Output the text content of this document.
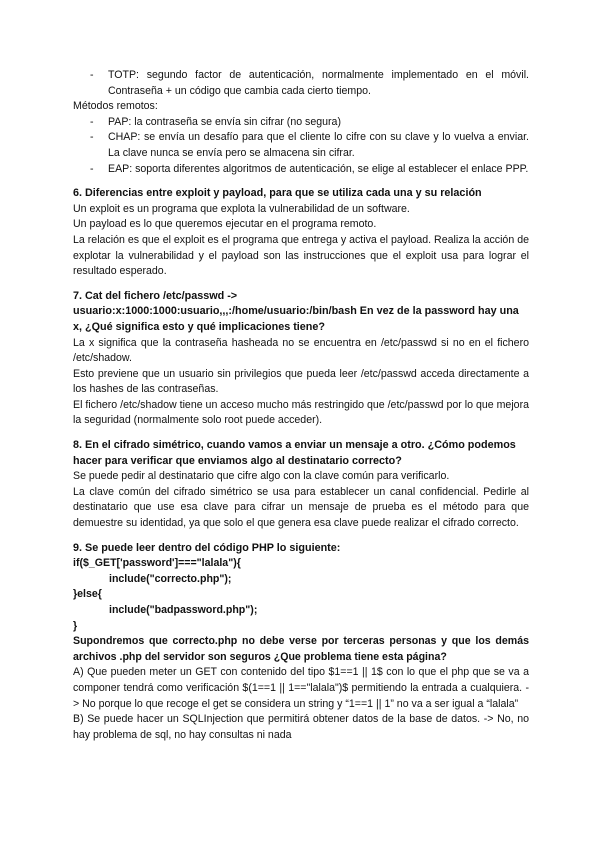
- TOTP: segundo factor de autenticación, normalmente implementado en el móvil. Contraseña + un código que cambia cada cierto tiempo.

Métodos remotos:

- PAP: la contraseña se envía sin cifrar (no segura)
- CHAP: se envía un desafío para que el cliente lo cifre con su clave y lo vuelva a enviar. La clave nunca se envía pero se almacena sin cifrar.
- EAP: soporta diferentes algoritmos de autenticación, se elige al establecer el enlace PPP.
6. Diferencias entre exploit y payload, para que se utiliza cada una y su relación

Un exploit es un programa que explota la vulnerabilidad de un software.

Un payload es lo que queremos ejecutar en el programa remoto.

La relación es que el exploit es el programa que entrega y activa el payload. Realiza la acción de explotar la vulnerabilidad y el payload son las instrucciones que el exploit usa para lograr el resultado esperado.

7. Cat del fichero /etc/passwd ->
usuario:x:1000:1000:usuario,,,:/home/usuario:/bin/bash En vez de la password hay una x, ¿Qué significa esto y qué implicaciones tiene?

La x significa que la contraseña hasheada no se encuentra en /etc/passwd si no en el fichero /etc/shadow.

Esto previene que un usuario sin privilegios que pueda leer /etc/passwd acceda directamente a los hashes de las contraseñas.

El fichero /etc/shadow tiene un acceso mucho más restringido que /etc/passwd por lo que mejora la seguridad (normalmente solo root puede acceder).

8. En el cifrado simétrico, cuando vamos a enviar un mensaje a otro. ¿Cómo podemos hacer para verificar que enviamos algo al destinatario correcto?

Se puede pedir al destinatario que cifre algo con la clave común para verificarlo.

La clave común del cifrado simétrico se usa para establecer un canal confidencial. Pedirle al destinatario que use esa clave para cifrar un mensaje de prueba es el método para que demuestre su identidad, ya que solo el que genera esa clave puede realizar el cifrado correcto.

9. Se puede leer dentro del código PHP lo siguiente:

if($_GET['password']==="lalala"){

include("correcto.php");

}else{

include("badpassword.php");

}

Supondremos que correcto.php no debe verse por terceras personas y que los demás archivos .php del servidor son seguros ¿Que problema tiene esta página?

A) Que pueden meter un GET con contenido del tipo $1==1 || 1$ con lo que el php que se va a componer tendrá como verificación $(1==1 || 1=="lalala")$ permitiendo la entrada a cualquiera. -> No porque lo que recoge el get se considera un string y “1==1 || 1” no va a ser igual a “lalala”

B) Se puede hacer un SQLInjection que permitirá obtener datos de la base de datos. -> No, no hay problema de sql, no hay consultas ni nada
